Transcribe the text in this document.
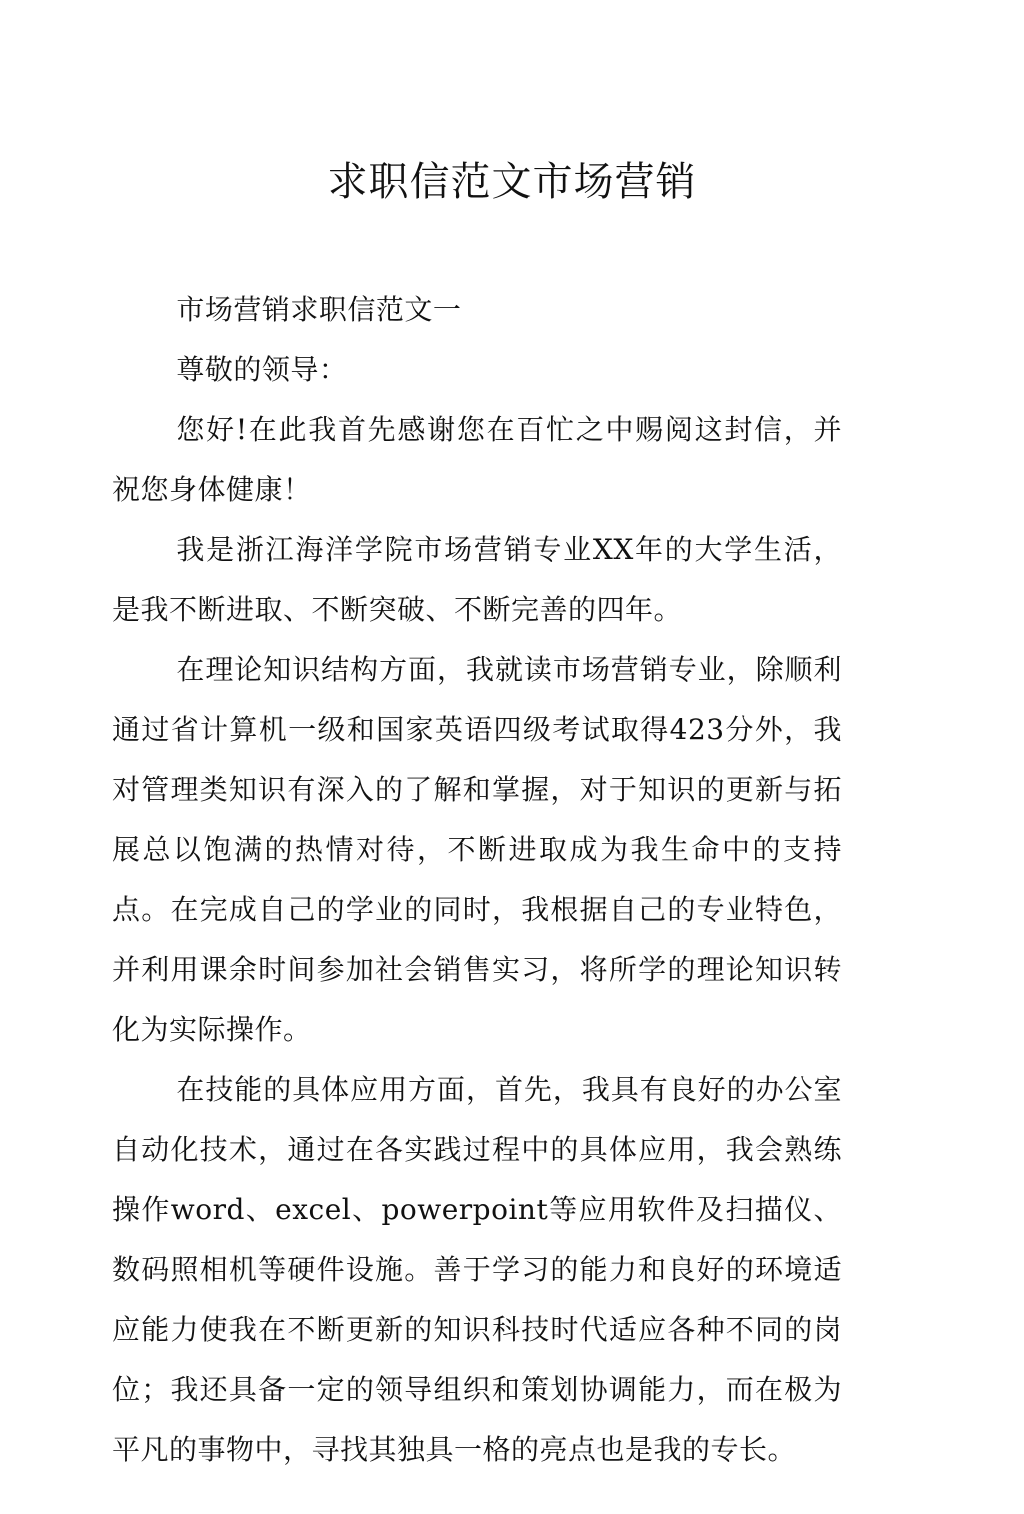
求职信范文市场营销

市场营销求职信范文一

尊敬的领导：

您好!在此我首先感谢您在百忙之中赐阅这封信，并祝您身体健康！

我是浙江海洋学院市场营销专业XX年的大学生活，是我不断进取、不断突破、不断完善的四年。

在理论知识结构方面，我就读市场营销专业，除顺利通过省计算机一级和国家英语四级考试取得423分外，我对管理类知识有深入的了解和掌握，对于知识的更新与拓展总以饱满的热情对待，不断进取成为我生命中的支持点。在完成自己的学业的同时，我根据自己的专业特色，并利用课余时间参加社会销售实习，将所学的理论知识转化为实际操作。

在技能的具体应用方面，首先，我具有良好的办公室自动化技术，通过在各实践过程中的具体应用，我会熟练操作word、excel、powerpoint等应用软件及扫描仪、数码照相机等硬件设施。善于学习的能力和良好的环境适应能力使我在不断更新的知识科技时代适应各种不同的岗位；我还具备一定的领导组织和策划协调能力，而在极为平凡的事物中，寻找其独具一格的亮点也是我的专长。
